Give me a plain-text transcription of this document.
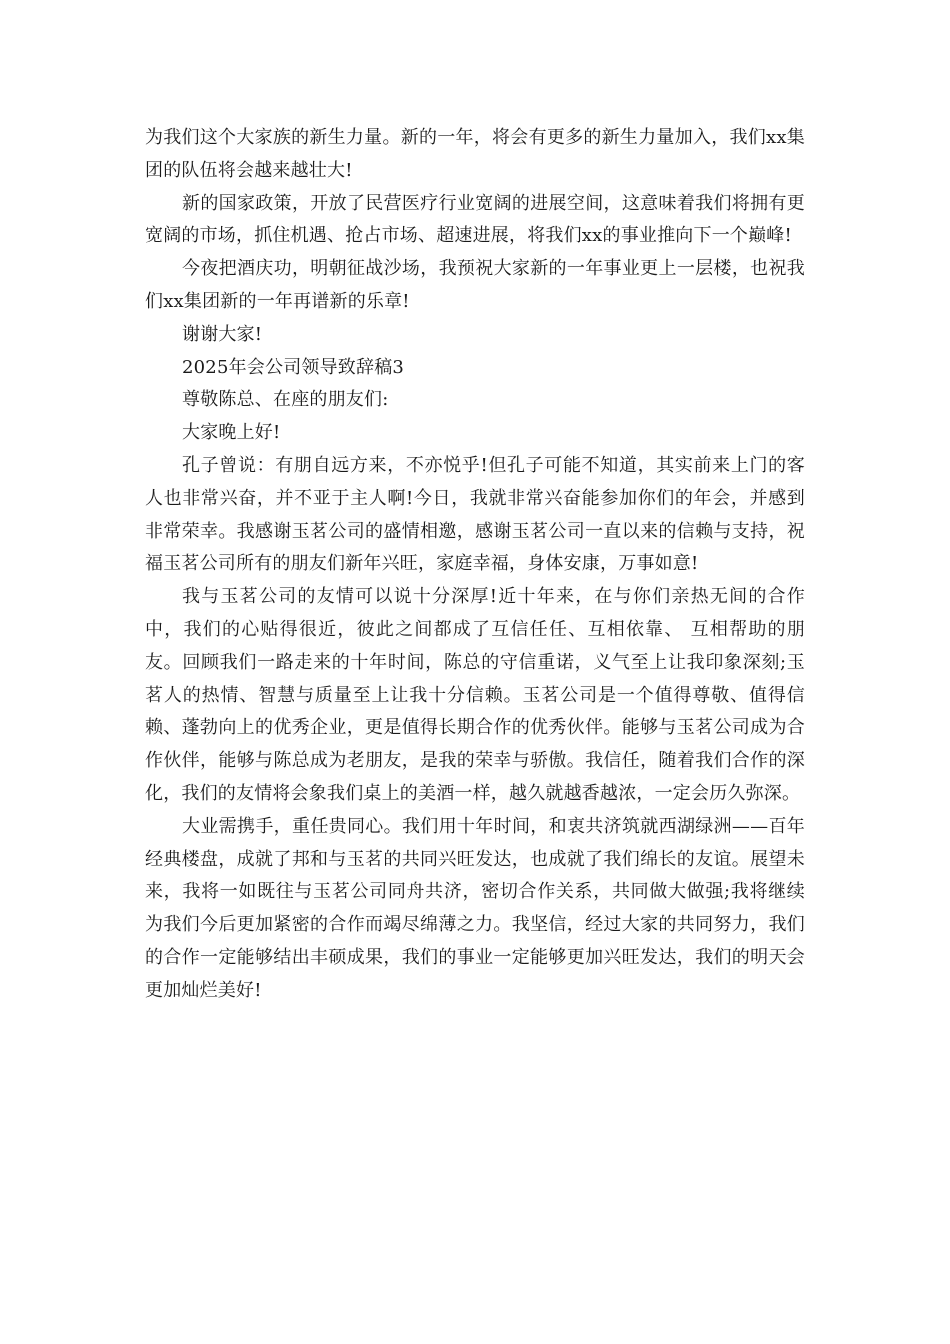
为我们这个大家族的新生力量。新的一年，将会有更多的新生力量加入，我们xx集团的队伍将会越来越壮大!

新的国家政策，开放了民营医疗行业宽阔的进展空间，这意味着我们将拥有更宽阔的市场，抓住机遇、抢占市场、超速进展，将我们xx的事业推向下一个巅峰!

今夜把酒庆功，明朝征战沙场，我预祝大家新的一年事业更上一层楼，也祝我们xx集团新的一年再谱新的乐章!

谢谢大家!

2025年会公司领导致辞稿3

尊敬陈总、在座的朋友们:

大家晚上好!

孔子曾说：有朋自远方来，不亦悦乎!但孔子可能不知道，其实前来上门的客人也非常兴奋，并不亚于主人啊!今日，我就非常兴奋能参加你们的年会，并感到非常荣幸。我感谢玉茗公司的盛情相邀，感谢玉茗公司一直以来的信赖与支持，祝福玉茗公司所有的朋友们新年兴旺，家庭幸福，身体安康，万事如意!

我与玉茗公司的友情可以说十分深厚!近十年来，在与你们亲热无间的合作中，我们的心贴得很近，彼此之间都成了互信任任、互相依靠、 互相帮助的朋友。回顾我们一路走来的十年时间，陈总的守信重诺，义气至上让我印象深刻;玉茗人的热情、智慧与质量至上让我十分信赖。玉茗公司是一个值得尊敬、值得信赖、蓬勃向上的优秀企业，更是值得长期合作的优秀伙伴。能够与玉茗公司成为合作伙伴，能够与陈总成为老朋友，是我的荣幸与骄傲。我信任，随着我们合作的深化，我们的友情将会象我们桌上的美酒一样，越久就越香越浓，一定会历久弥深。

大业需携手，重任贵同心。我们用十年时间，和衷共济筑就西湖绿洲——百年经典楼盘，成就了邦和与玉茗的共同兴旺发达，也成就了我们绵长的友谊。展望未来，我将一如既往与玉茗公司同舟共济，密切合作关系，共同做大做强;我将继续为我们今后更加紧密的合作而竭尽绵薄之力。我坚信，经过大家的共同努力，我们的合作一定能够结出丰硕成果，我们的事业一定能够更加兴旺发达，我们的明天会更加灿烂美好!
